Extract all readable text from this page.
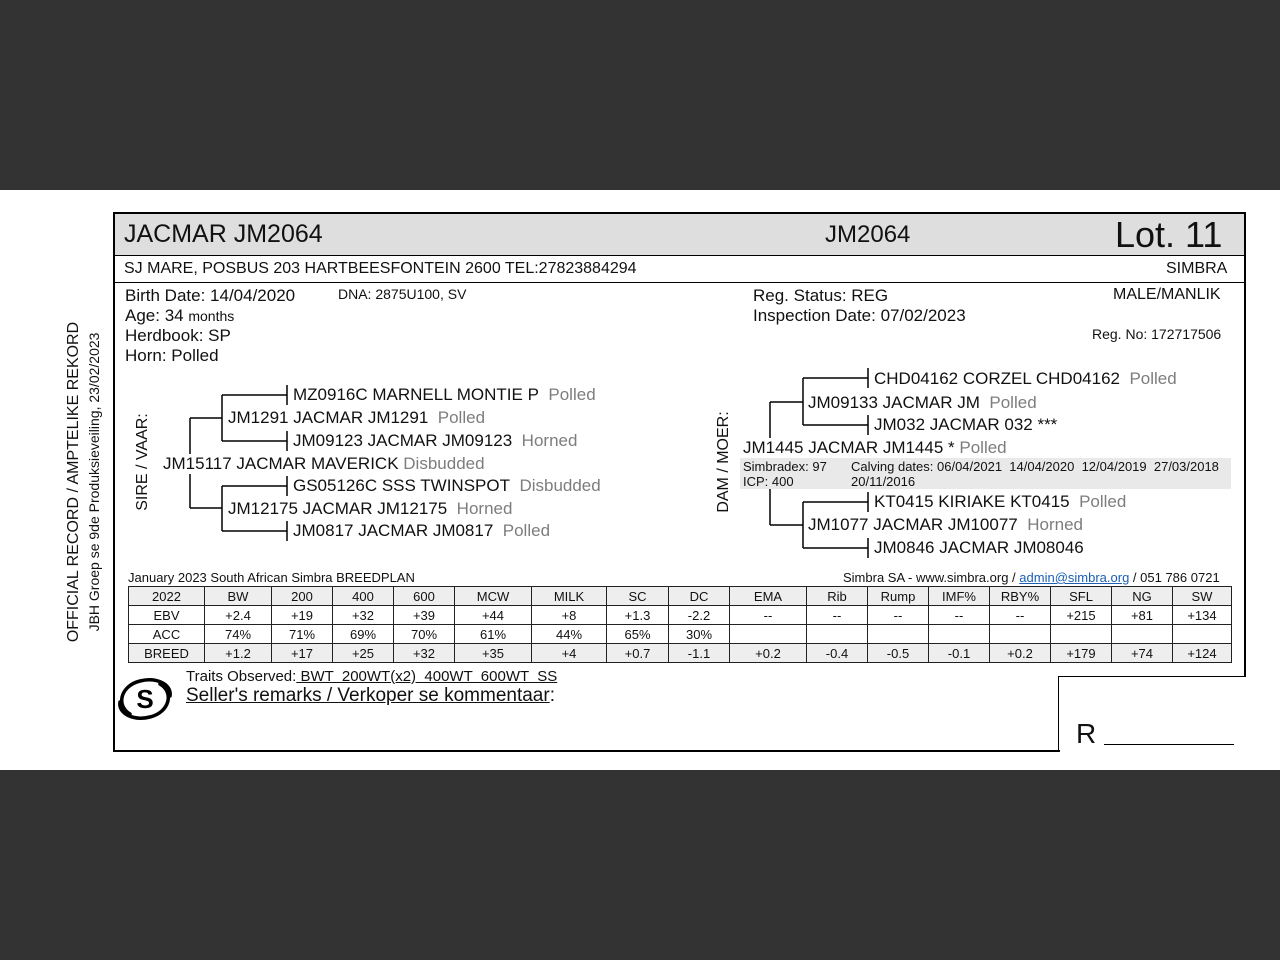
OFFICIAL RECORD / AMPTELIKE REKORD JBH Groep se 9de Produksieveiling, 23/02/2023
JACMAR JM2064	JM2064	Lot. 11
SJ MARE, POSBUS 203 HARTBEESFONTEIN 2600 TEL:27823884294	SIMBRA
Birth Date: 14/04/2020	DNA: 2875U100, SV
Age: 34 months
Herdbook: SP
Horn: Polled
Reg. Status: REG
Inspection Date: 07/02/2023
MALE/MANLIK
Reg. No: 172717506
SIRE / VAAR:
MZ0916C MARNELL MONTIE P Polled
JM1291 JACMAR JM1291 Polled
JM09123 JACMAR JM09123 Horned
JM15117 JACMAR MAVERICK Disbudded
GS05126C SSS TWINSPOT Disbudded
JM12175 JACMAR JM12175 Horned
JM0817 JACMAR JM0817 Polled
DAM / MOER:
CHD04162 CORZEL CHD04162 Polled
JM09133 JACMAR JM Polled
JM032 JACMAR 032 ***
JM1445 JACMAR JM1445 * Polled
Simbradex: 97
ICP: 400
Calving dates: 06/04/2021  14/04/2020  12/04/2019  27/03/2018
20/11/2016
KT0415 KIRIAKE KT0415 Polled
JM1077 JACMAR JM10077 Horned
JM0846 JACMAR JM08046
January 2023 South African Simbra BREEDPLAN	Simbra SA - www.simbra.org / admin@simbra.org / 051 786 0721
2022	BW	200	400	600	MCW	MILK	SC	DC	EMA	Rib	Rump	IMF%	RBY%	SFL	NG	SW
EBV	+2.4	+19	+32	+39	+44	+8	+1.3	-2.2	--	--	--	--	--	+215	+81	+134
ACC	74%	71%	69%	70%	61%	44%	65%	30%								
BREED	+1.2	+17	+25	+32	+35	+4	+0.7	-1.1	+0.2	-0.4	-0.5	-0.1	+0.2	+179	+74	+124
S
Traits Observed: BWT  200WT(x2)  400WT  600WT  SS
Seller's remarks / Verkoper se kommentaar:
R
